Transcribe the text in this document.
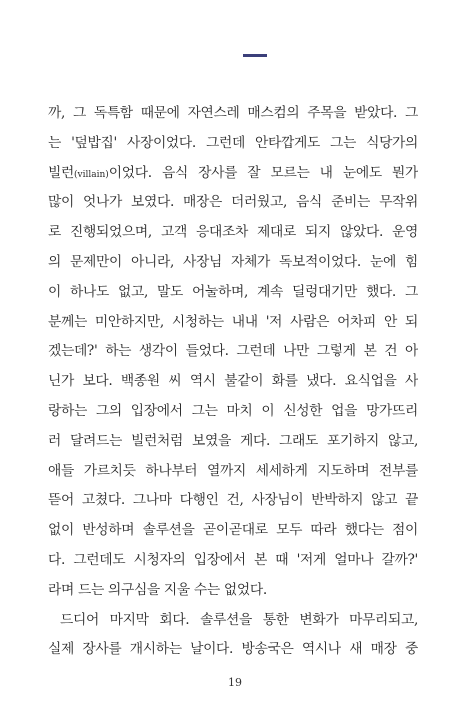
까, 그 독특함 때문에 자연스레 매스컴의 주목을 받았다. 그
는 '덮밥집' 사장이었다. 그런데 안타깝게도 그는 식당가의
빌런(villain)이었다. 음식 장사를 잘 모르는 내 눈에도 뭔가
많이 엇나가 보였다. 매장은 더러웠고, 음식 준비는 무작위
로 진행되었으며, 고객 응대조차 제대로 되지 않았다. 운영
의 문제만이 아니라, 사장님 자체가 독보적이었다. 눈에 힘
이 하나도 없고, 말도 어눌하며, 계속 딜렁대기만 했다. 그
분께는 미안하지만, 시청하는 내내 '저 사람은 어차피 안 되
겠는데?' 하는 생각이 들었다. 그런데 나만 그렇게 본 건 아
닌가 보다. 백종원 씨 역시 불같이 화를 냈다. 요식업을 사
랑하는 그의 입장에서 그는 마치 이 신성한 업을 망가뜨리
러 달려드는 빌런처럼 보였을 게다. 그래도 포기하지 않고,
애들 가르치듯 하나부터 열까지 세세하게 지도하며 전부를
뜯어 고쳤다. 그나마 다행인 건, 사장님이 반박하지 않고 끝
없이 반성하며 솔루션을 곧이곧대로 모두 따라 했다는 점이
다. 그런데도 시청자의 입장에서 본 때 '저게 얼마나 갈까?'
라며 드는 의구심을 지울 수는 없었다.
드디어 마지막 회다. 솔루션을 통한 변화가 마무리되고,
실제 장사를 개시하는 날이다. 방송국은 역시나 새 매장 중
19
